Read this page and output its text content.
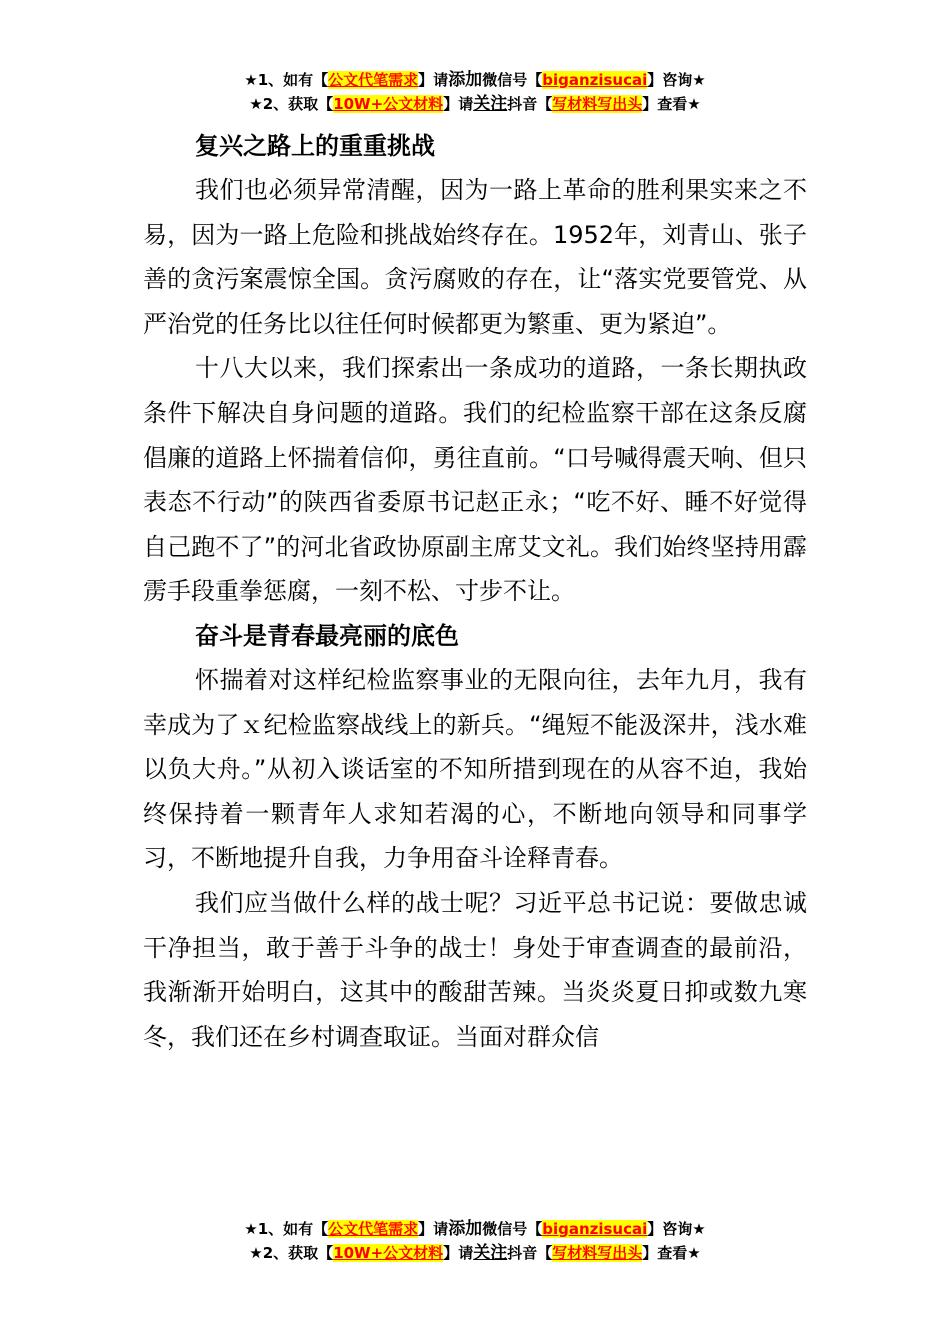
★1、如有【公文代笔需求】请添加微信号【biganzisucai】咨询★
★2、获取【10W+公文材料】请关注抖音【写材料写出头】查看★

复兴之路上的重重挑战

我们也必须异常清醒，因为一路上革命的胜利果实来之不易，因为一路上危险和挑战始终存在。1952年，刘青山、张子善的贪污案震惊全国。贪污腐败的存在，让“落实党要管党、从严治党的任务比以往任何时候都更为繁重、更为紧迫”。

十八大以来，我们探索出一条成功的道路，一条长期执政条件下解决自身问题的道路。我们的纪检监察干部在这条反腐倡廉的道路上怀揣着信仰，勇往直前。“口号喊得震天响、但只表态不行动”的陕西省委原书记赵正永；“吃不好、睡不好觉得自己跑不了”的河北省政协原副主席艾文礼。我们始终坚持用霹雳手段重拳惩腐，一刻不松、寸步不让。

奋斗是青春最亮丽的底色

怀揣着对这样纪检监察事业的无限向往，去年九月，我有幸成为了ｘ纪检监察战线上的新兵。“绳短不能汲深井，浅水难以负大舟。”从初入谈话室的不知所措到现在的从容不迫，我始终保持着一颗青年人求知若渴的心，不断地向领导和同事学习，不断地提升自我，力争用奋斗诠释青春。

我们应当做什么样的战士呢？习近平总书记说：要做忠诚干净担当，敢于善于斗争的战士！身处于审查调查的最前沿，我渐渐开始明白，这其中的酸甜苦辣。当炎炎夏日抑或数九寒冬，我们还在乡村调查取证。当面对群众信

★1、如有【公文代笔需求】请添加微信号【biganzisucai】咨询★
★2、获取【10W+公文材料】请关注抖音【写材料写出头】查看★
